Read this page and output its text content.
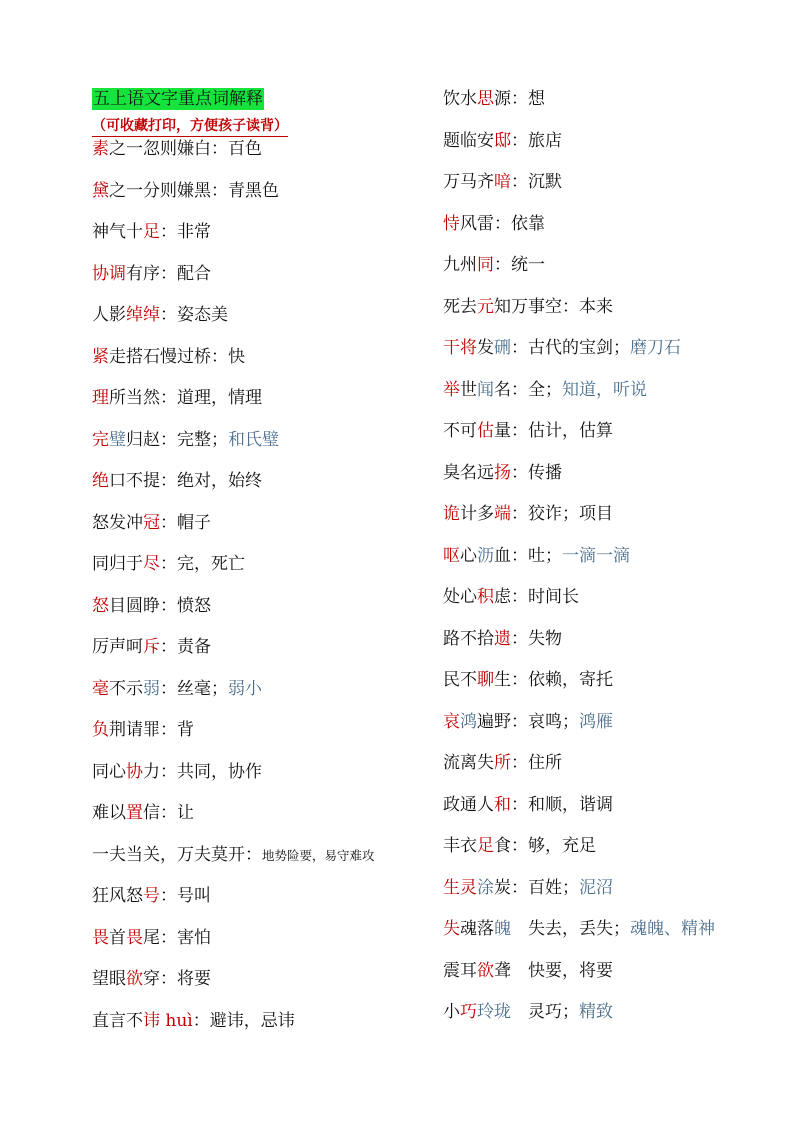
五上语文字重点词解释
（可收藏打印，方便孩子读背）
素之一忽则嫌白：百色
黛之一分则嫌黑：青黑色
神气十足：非常
协调有序：配合
人影绰绰：姿态美
紧走搭石慢过桥：快
理所当然：道理，情理
完璧归赵：完整；和氏璧
绝口不提：绝对，始终
怒发冲冠：帽子
同归于尽：完，死亡
怒目圆睁：愤怒
厉声呵斥：责备
毫不示弱：丝毫；弱小
负荆请罪：背
同心协力：共同，协作
难以置信：让
一夫当关，万夫莫开：地势险要，易守难攻
狂风怒号：号叫
畏首畏尾：害怕
望眼欲穿：将要
直言不讳 huì：避讳，忌讳
饮水思源：想
题临安邸：旅店
万马齐喑：沉默
恃风雷：依靠
九州同：统一
死去元知万事空：本来
干将发硎：古代的宝剑；磨刀石
举世闻名：全；知道，听说
不可估量：估计，估算
臭名远扬：传播
诡计多端：狡诈；项目
呕心沥血：吐；一滴一滴
处心积虑：时间长
路不拾遗：失物
民不聊生：依赖，寄托
哀鸿遍野：哀鸣；鸿雁
流离失所：住所
政通人和：和顺，谐调
丰衣足食：够，充足
生灵涂炭：百姓；泥沼
失魂落魄　失去，丢失；魂魄、精神
震耳欲聋　快要，将要
小巧玲珑　灵巧；精致
